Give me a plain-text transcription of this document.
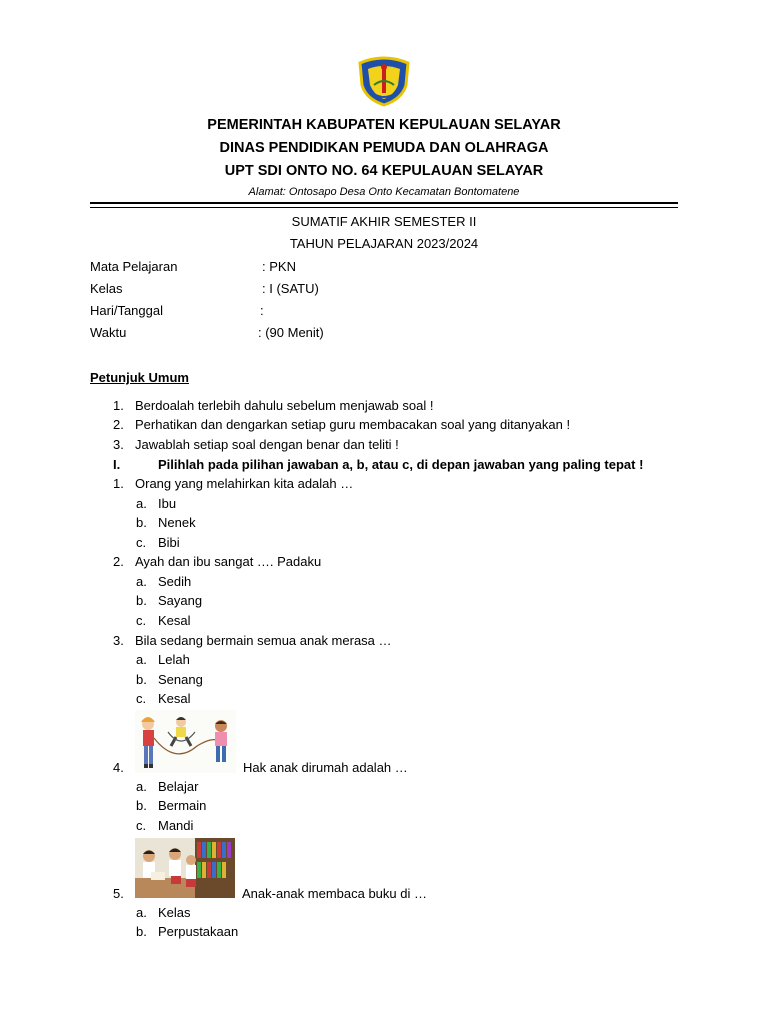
PEMERINTAH KABUPATEN KEPULAUAN SELAYAR
DINAS PENDIDIKAN PEMUDA DAN OLAHRAGA
UPT SDI ONTO NO. 64 KEPULAUAN SELAYAR
Alamat: Ontosapo Desa Onto Kecamatan Bontomatene
SUMATIF AKHIR SEMESTER II
TAHUN PELAJARAN 2023/2024
Mata Pelajaran	: PKN
Kelas	: I (SATU)
Hari/Tanggal	:
Waktu	: (90 Menit)
Petunjuk Umum
1. Berdoalah terlebih dahulu sebelum menjawab soal !
2. Perhatikan dan dengarkan setiap guru membacakan soal yang ditanyakan !
3. Jawablah setiap soal dengan benar dan teliti !
I.	Pilihlah pada pilihan jawaban a, b, atau c, di depan jawaban yang paling tepat !
1. Orang yang melahirkan kita adalah …
a. Ibu
b. Nenek
c. Bibi
2. Ayah dan ibu sangat …. Padaku
a. Sedih
b. Sayang
c. Kesal
3. Bila sedang bermain semua anak merasa …
a. Lelah
b. Senang
c. Kesal
4.	Hak anak dirumah adalah …
a. Belajar
b. Bermain
c. Mandi
5.	Anak-anak membaca buku di …
a. Kelas
b. Perpustakaan
